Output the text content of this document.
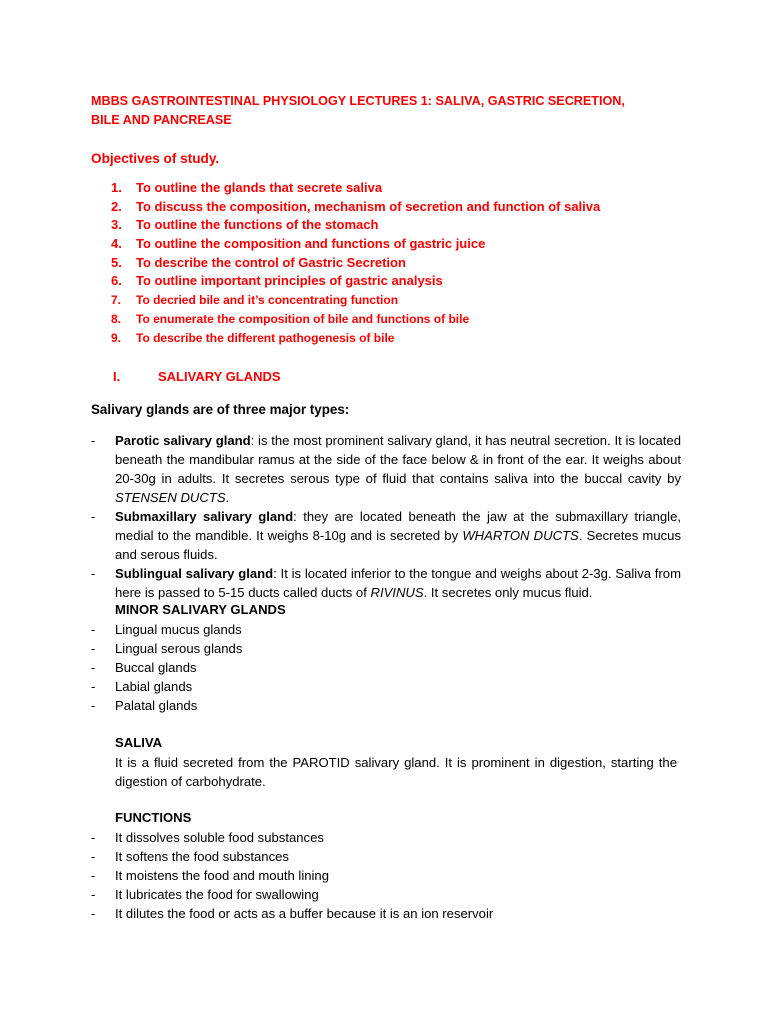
MBBS GASTROINTESTINAL PHYSIOLOGY LECTURES 1: SALIVA, GASTRIC SECRETION, BILE AND PANCREASE
Objectives of study.
1. To outline the glands that secrete saliva
2. To discuss the composition, mechanism of secretion and function of saliva
3. To outline the functions of the stomach
4. To outline the composition and functions of gastric juice
5. To describe the control of Gastric Secretion
6. To outline important principles of gastric analysis
7. To decried bile and it’s concentrating function
8. To enumerate the composition of bile and functions of bile
9. To describe the different pathogenesis of bile
I.	SALIVARY GLANDS
Salivary glands are of three major types:
- Parotic salivary gland: is the most prominent salivary gland, it has neutral secretion. It is located beneath the mandibular ramus at the side of the face below & in front of the ear. It weighs about 20-30g in adults. It secretes serous type of fluid that contains saliva into the buccal cavity by STENSEN DUCTS.
- Submaxillary salivary gland: they are located beneath the jaw at the submaxillary triangle, medial to the mandible. It weighs 8-10g and is secreted by WHARTON DUCTS. Secretes mucus and serous fluids.
- Sublingual salivary gland: It is located inferior to the tongue and weighs about 2-3g. Saliva from here is passed to 5-15 ducts called ducts of RIVINUS. It secretes only mucus fluid.
MINOR SALIVARY GLANDS
- Lingual mucus glands
- Lingual serous glands
- Buccal glands
- Labial glands
- Palatal glands
SALIVA
It is a fluid secreted from the PAROTID salivary gland. It is prominent in digestion, starting the digestion of carbohydrate.
FUNCTIONS
- It dissolves soluble food substances
- It softens the food substances
- It moistens the food and mouth lining
- It lubricates the food for swallowing
- It dilutes the food or acts as a buffer because it is an ion reservoir
